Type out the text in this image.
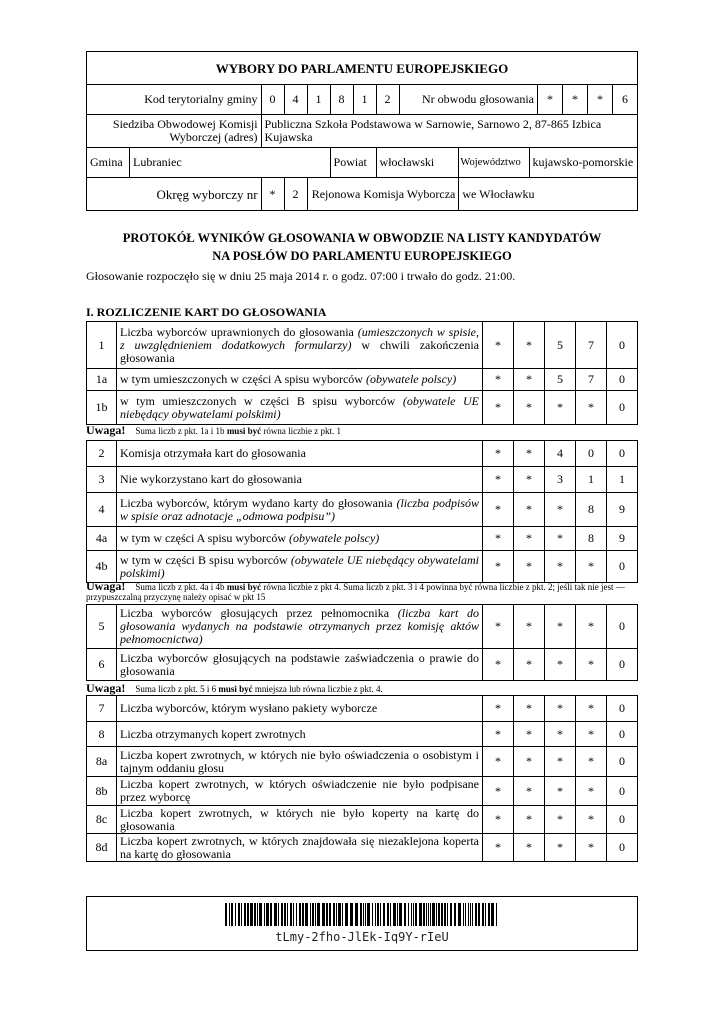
WYBORY DO PARLAMENTU EUROPEJSKIEGO														
Kod terytorialny gminy		0	4	1	8	1	2	Nr obwodu głosowania			*	*	*	6
Siedziba Obwodowej Komisji
Wyborczej (adres)		Publiczna Szkoła Podstawowa w Sarnowie, Sarnowo 2, 87-865 Izbica
Kujawska												
Gmina	Lubraniec				Powiat		włocławski		Województwo	kujawsko-pomorskie				
Okręg wyborczy nr		*	2	Rejonowa Komisja Wyborcza					we Włocławku					
PROTOKÓŁ WYNIKÓW GŁOSOWANIA W OBWODZIE NA LISTY KANDYDATÓW
NA POSŁÓW DO PARLAMENTU EUROPEJSKIEGO
Głosowanie rozpoczęło się w dniu 25 maja 2014 r. o godz. 07:00 i trwało do godz. 21:00.
I. ROZLICZENIE KART DO GŁOSOWANIA
1	Liczba wyborców uprawnionych do głosowania (umieszczonych w spisie, z uwzględnieniem dodatkowych formularzy) w chwili zakończenia głosowania	*	*	5	7	0
1a	w tym umieszczonych w części A spisu wyborców (obywatele polscy)	*	*	5	7	0
1b	w tym umieszczonych w części B spisu wyborców (obywatele UE niebędący obywatelami polskimi)	*	*	*	*	0
Uwaga! Suma liczb z pkt. 1a i 1b musi być równa liczbie z pkt. 1
2	Komisja otrzymała kart do głosowania	*	*	4	0	0
3	Nie wykorzystano kart do głosowania	*	*	3	1	1
4	Liczba wyborców, którym wydano karty do głosowania (liczba podpisów w spisie oraz adnotacje „odmowa podpisu”)	*	*	*	8	9
4a	w tym w części A spisu wyborców (obywatele polscy)	*	*	*	8	9
4b	w tym w części B spisu wyborców (obywatele UE niebędący obywatelami polskimi)	*	*	*	*	0
Uwaga! Suma liczb z pkt. 4a i 4b musi być równa liczbie z pkt 4. Suma liczb z pkt. 3 i 4 powinna być równa liczbie z pkt. 2; jeśli tak nie jest — przypuszczalną przyczynę należy opisać w pkt 15
5	Liczba wyborców głosujących przez pełnomocnika (liczba kart do głosowania wydanych na podstawie otrzymanych przez komisję aktów pełnomocnictwa)	*	*	*	*	0
6	Liczba wyborców głosujących na podstawie zaświadczenia o prawie do głosowania	*	*	*	*	0
Uwaga! Suma liczb z pkt. 5 i 6 musi być mniejsza lub równa liczbie z pkt. 4.
7	Liczba wyborców, którym wysłano pakiety wyborcze	*	*	*	*	0
8	Liczba otrzymanych kopert zwrotnych	*	*	*	*	0
8a	Liczba kopert zwrotnych, w których nie było oświadczenia o osobistym i tajnym oddaniu głosu	*	*	*	*	0
8b	Liczba kopert zwrotnych, w których oświadczenie nie było podpisane przez wyborcę	*	*	*	*	0
8c	Liczba kopert zwrotnych, w których nie było koperty na kartę do głosowania	*	*	*	*	0
8d	Liczba kopert zwrotnych, w których znajdowała się niezaklejona koperta na kartę do głosowania	*	*	*	*	0
tLmy-2fho-JlEk-Iq9Y-rIeU
